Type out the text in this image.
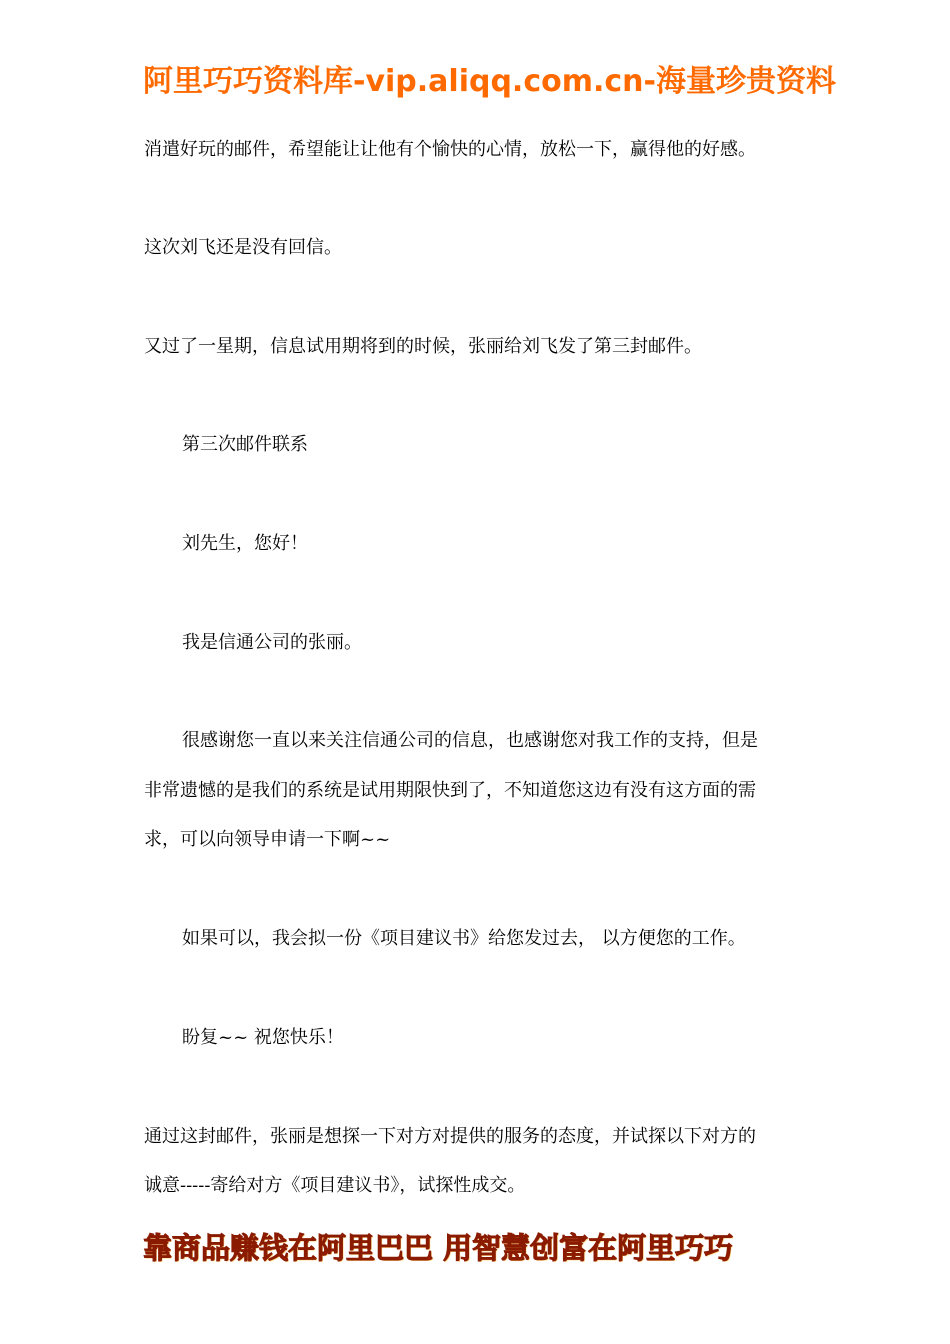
阿里巧巧资料库-vip.aliqq.com.cn-海量珍贵资料
消遣好玩的邮件，希望能让让他有个愉快的心情，放松一下，赢得他的好感。
这次刘飞还是没有回信。
又过了一星期，信息试用期将到的时候，张丽给刘飞发了第三封邮件。
第三次邮件联系
刘先生，您好！
我是信通公司的张丽。
很感谢您一直以来关注信通公司的信息，也感谢您对我工作的支持，但是
非常遗憾的是我们的系统是试用期限快到了，不知道您这边有没有这方面的需
求，可以向领导申请一下啊~~
如果可以，我会拟一份《项目建议书》给您发过去， 以方便您的工作。
盼复~~ 祝您快乐！
通过这封邮件，张丽是想探一下对方对提供的服务的态度，并试探以下对方的
诚意-----寄给对方《项目建议书》，试探性成交。
靠商品赚钱在阿里巴巴 用智慧创富在阿里巧巧
